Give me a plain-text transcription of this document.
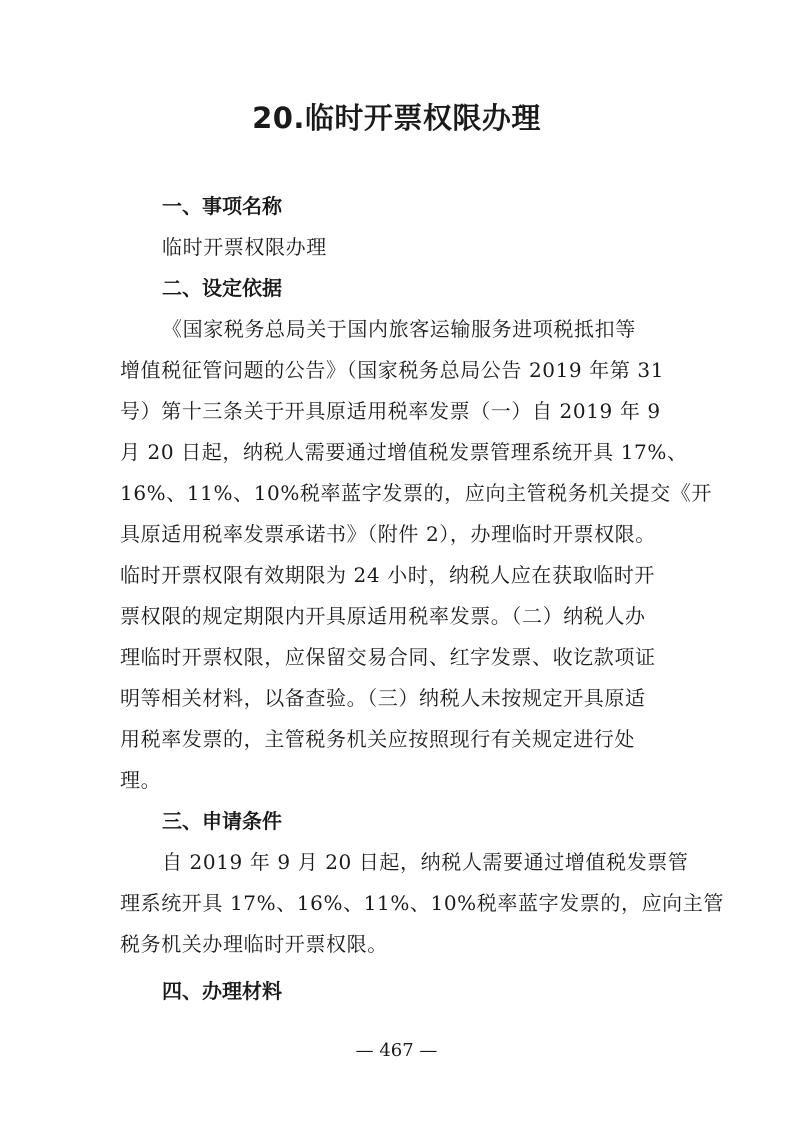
20.临时开票权限办理

一、事项名称

临时开票权限办理

二、设定依据

《国家税务总局关于国内旅客运输服务进项税抵扣等
增值税征管问题的公告》（国家税务总局公告 2019 年第 31
号）第十三条关于开具原适用税率发票（一）自 2019 年 9
月 20 日起，纳税人需要通过增值税发票管理系统开具 17%、
16%、11%、10%税率蓝字发票的，应向主管税务机关提交《开
具原适用税率发票承诺书》（附件 2），办理临时开票权限。
临时开票权限有效期限为 24 小时，纳税人应在获取临时开
票权限的规定期限内开具原适用税率发票。（二）纳税人办
理临时开票权限，应保留交易合同、红字发票、收讫款项证
明等相关材料，以备查验。（三）纳税人未按规定开具原适
用税率发票的，主管税务机关应按照现行有关规定进行处
理。

三、申请条件

自 2019 年 9 月 20 日起，纳税人需要通过增值税发票管
理系统开具 17%、16%、11%、10%税率蓝字发票的，应向主管
税务机关办理临时开票权限。

四、办理材料

— 467 —
